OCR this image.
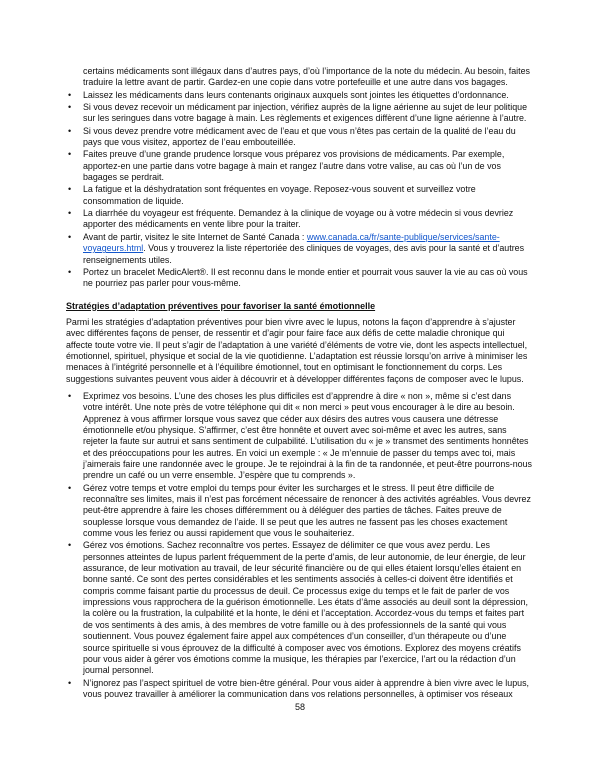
certains médicaments sont illégaux dans d’autres pays, d’où l’importance de la note du médecin. Au besoin, faites traduire la lettre avant de partir. Gardez-en une copie dans votre portefeuille et une autre dans vos bagages.

• Laissez les médicaments dans leurs contenants originaux auxquels sont jointes les étiquettes d’ordonnance.
• Si vous devez recevoir un médicament par injection, vérifiez auprès de la ligne aérienne au sujet de leur politique sur les seringues dans votre bagage à main. Les règlements et exigences diffèrent d’une ligne aérienne à l’autre.
• Si vous devez prendre votre médicament avec de l’eau et que vous n’êtes pas certain de la qualité de l’eau du pays que vous visitez, apportez de l’eau embouteillée.
• Faites preuve d’une grande prudence lorsque vous préparez vos provisions de médicaments. Par exemple, apportez-en une partie dans votre bagage à main et rangez l’autre dans votre valise, au cas où l’un de vos bagages se perdrait.
• La fatigue et la déshydratation sont fréquentes en voyage. Reposez-vous souvent et surveillez votre consommation de liquide.
• La diarrhée du voyageur est fréquente. Demandez à la clinique de voyage ou à votre médecin si vous devriez apporter des médicaments en vente libre pour la traiter.
• Avant de partir, visitez le site Internet de Santé Canada : www.canada.ca/fr/sante-publique/services/sante-voyageurs.html. Vous y trouverez la liste répertoriée des cliniques de voyages, des avis pour la santé et d’autres renseignements utiles.
• Portez un bracelet MedicAlert®. Il est reconnu dans le monde entier et pourrait vous sauver la vie au cas où vous ne pourriez pas parler pour vous-même.
Stratégies d’adaptation préventives pour favoriser la santé émotionnelle

Parmi les stratégies d’adaptation préventives pour bien vivre avec le lupus, notons la façon d’apprendre à s’ajuster avec différentes façons de penser, de ressentir et d’agir pour faire face aux défis de cette maladie chronique qui affecte toute votre vie. Il peut s’agir de l’adaptation à une variété d’éléments de votre vie, dont les aspects intellectuel, émotionnel, spirituel, physique et social de la vie quotidienne. L’adaptation est réussie lorsqu’on arrive à minimiser les menaces à l’intégrité personnelle et à l’équilibre émotionnel, tout en optimisant le fonctionnement du corps. Les suggestions suivantes peuvent vous aider à découvrir et à développer différentes façons de composer avec le lupus.

• Exprimez vos besoins. L’une des choses les plus difficiles est d’apprendre à dire « non », même si c’est dans votre intérêt. Une note près de votre téléphone qui dit « non merci » peut vous encourager à le dire au besoin. Apprenez à vous affirmer lorsque vous savez que céder aux désirs des autres vous causera une détresse émotionnelle et/ou physique. S’affirmer, c’est être honnête et ouvert avec soi-même et avec les autres, sans rejeter la faute sur autrui et sans sentiment de culpabilité. L’utilisation du « je » transmet des sentiments honnêtes et des préoccupations pour les autres. En voici un exemple : « Je m’ennuie de passer du temps avec toi, mais j’aimerais faire une randonnée avec le groupe. Je te rejoindrai à la fin de ta randonnée, et peut-être pourrons-nous prendre un café ou un verre ensemble. J’espère que tu comprends ».
• Gérez votre temps et votre emploi du temps pour éviter les surcharges et le stress. Il peut être difficile de reconnaître ses limites, mais il n’est pas forcément nécessaire de renoncer à des activités agréables. Vous devrez peut-être apprendre à faire les choses différemment ou à déléguer des parties de tâches. Faites preuve de souplesse lorsque vous demandez de l’aide. Il se peut que les autres ne fassent pas les choses exactement comme vous les feriez ou aussi rapidement que vous le souhaiteriez.
• Gérez vos émotions. Sachez reconnaître vos pertes. Essayez de délimiter ce que vous avez perdu. Les personnes atteintes de lupus parlent fréquemment de la perte d’amis, de leur autonomie, de leur énergie, de leur assurance, de leur motivation au travail, de leur sécurité financière ou de qui elles étaient lorsqu’elles étaient en bonne santé. Ce sont des pertes considérables et les sentiments associés à celles-ci doivent être identifiés et compris comme faisant partie du processus de deuil. Ce processus exige du temps et le fait de parler de vos impressions vous rapprochera de la guérison émotionnelle. Les états d’âme associés au deuil sont la dépression, la colère ou la frustration, la culpabilité et la honte, le déni et l’acceptation. Accordez-vous du temps et faites part de vos sentiments à des amis, à des membres de votre famille ou à des professionnels de la santé qui vous soutiennent. Vous pouvez également faire appel aux compétences d’un conseiller, d’un thérapeute ou d’une source spirituelle si vous éprouvez de la difficulté à composer avec vos émotions. Explorez des moyens créatifs pour vous aider à gérer vos émotions comme la musique, les thérapies par l’exercice, l’art ou la rédaction d’un journal personnel.
• N’ignorez pas l’aspect spirituel de votre bien-être général. Pour vous aider à apprendre à bien vivre avec le lupus, vous pouvez travailler à améliorer la communication dans vos relations personnelles, à optimiser vos réseaux
58
